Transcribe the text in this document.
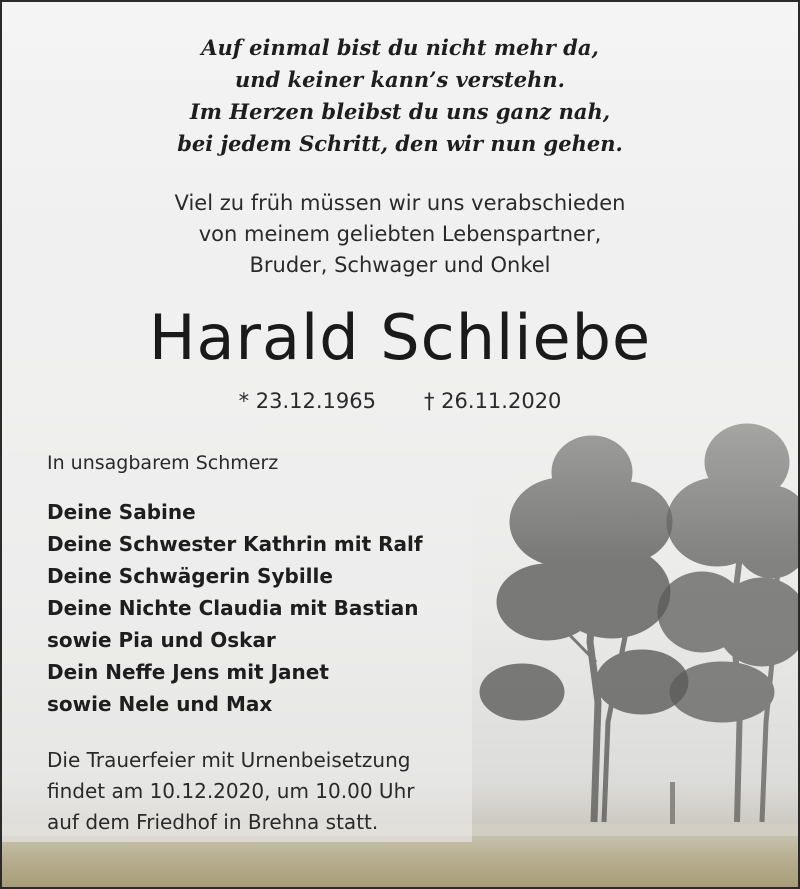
Auf einmal bist du nicht mehr da,
und keiner kann’s verstehn.
Im Herzen bleibst du uns ganz nah,
bei jedem Schritt, den wir nun gehen.
Viel zu früh müssen wir uns verabschieden
von meinem geliebten Lebenspartner,
Bruder, Schwager und Onkel
Harald Schliebe
* 23.12.1965 † 26.11.2020
In unsagbarem Schmerz
Deine Sabine
Deine Schwester Kathrin mit Ralf
Deine Schwägerin Sybille
Deine Nichte Claudia mit Bastian
sowie Pia und Oskar
Dein Neffe Jens mit Janet
sowie Nele und Max
Die Trauerfeier mit Urnenbeisetzung
findet am 10.12.2020, um 10.00 Uhr
auf dem Friedhof in Brehna statt.
